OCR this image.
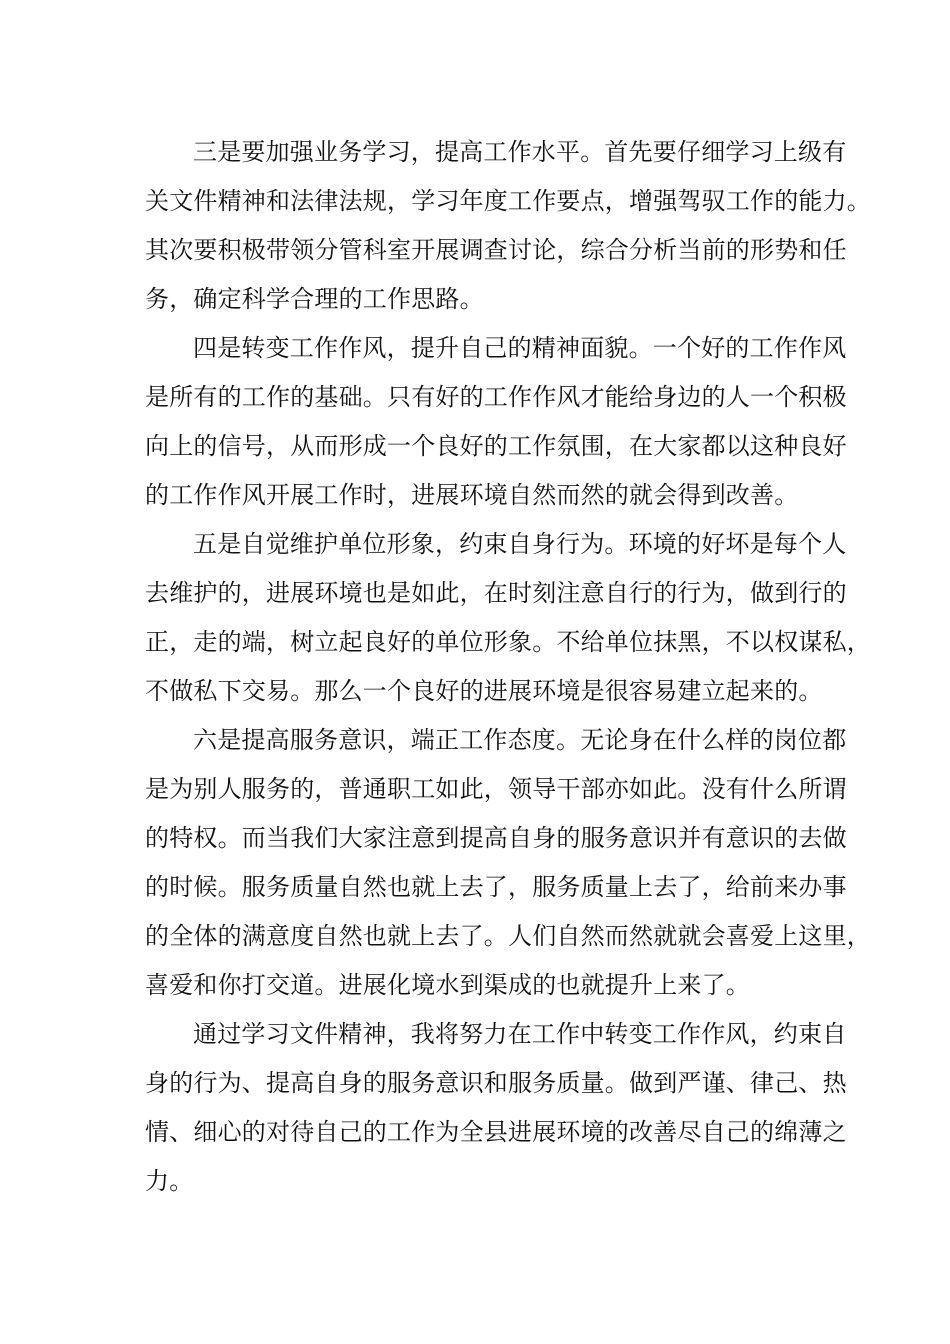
三是要加强业务学习，提高工作水平。首先要仔细学习上级有
关文件精神和法律法规，学习年度工作要点，增强驾驭工作的能力。
其次要积极带领分管科室开展调查讨论，综合分析当前的形势和任
务，确定科学合理的工作思路。
四是转变工作作风，提升自己的精神面貌。一个好的工作作风
是所有的工作的基础。只有好的工作作风才能给身边的人一个积极
向上的信号，从而形成一个良好的工作氛围，在大家都以这种良好
的工作作风开展工作时，进展环境自然而然的就会得到改善。
五是自觉维护单位形象，约束自身行为。环境的好坏是每个人
去维护的，进展环境也是如此，在时刻注意自行的行为，做到行的
正，走的端，树立起良好的单位形象。不给单位抹黑，不以权谋私，
不做私下交易。那么一个良好的进展环境是很容易建立起来的。
六是提高服务意识，端正工作态度。无论身在什么样的岗位都
是为别人服务的，普通职工如此，领导干部亦如此。没有什么所谓
的特权。而当我们大家注意到提高自身的服务意识并有意识的去做
的时候。服务质量自然也就上去了，服务质量上去了，给前来办事
的全体的满意度自然也就上去了。人们自然而然就就会喜爱上这里，
喜爱和你打交道。进展化境水到渠成的也就提升上来了。
通过学习文件精神，我将努力在工作中转变工作作风，约束自
身的行为、提高自身的服务意识和服务质量。做到严谨、律己、热
情、细心的对待自己的工作为全县进展环境的改善尽自己的绵薄之
力。
